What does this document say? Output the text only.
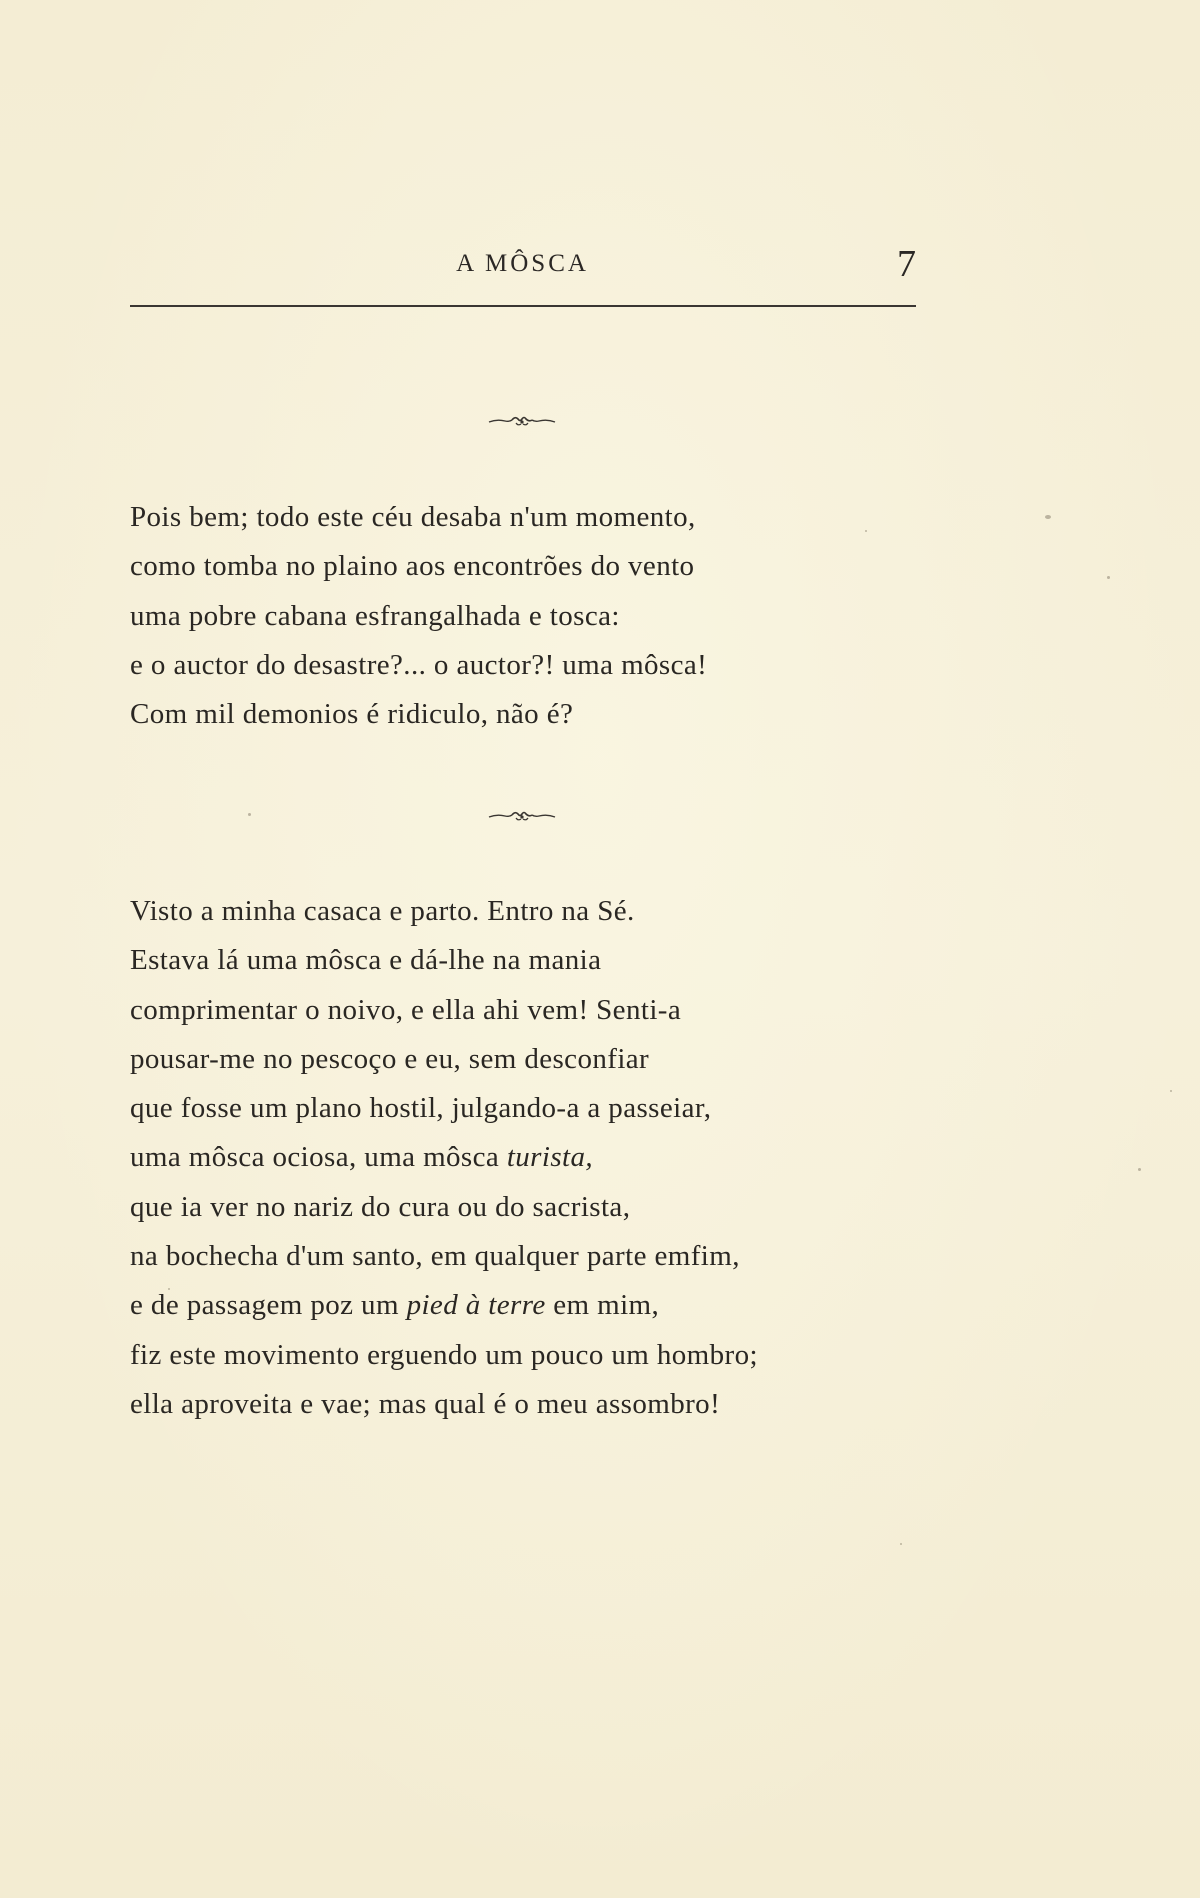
A MÔSCA	7
Pois bem; todo este céu desaba n'um momento,
como tomba no plaino aos encontrões do vento
uma pobre cabana esfrangalhada e tosca:
e o auctor do desastre?... o auctor?! uma môsca!
Com mil demonios é ridiculo, não é?
Visto a minha casaca e parto. Entro na Sé.
Estava lá uma môsca e dá-lhe na mania
comprimentar o noivo, e ella ahi vem! Senti-a
pousar-me no pescoço e eu, sem desconfiar
que fosse um plano hostil, julgando-a a passeiar,
uma môsca ociosa, uma môsca turista,
que ia ver no nariz do cura ou do sacrista,
na bochecha d'um santo, em qualquer parte emfim,
e de passagem poz um pied à terre em mim,
fiz este movimento erguendo um pouco um hombro;
ella aproveita e vae; mas qual é o meu assombro!
